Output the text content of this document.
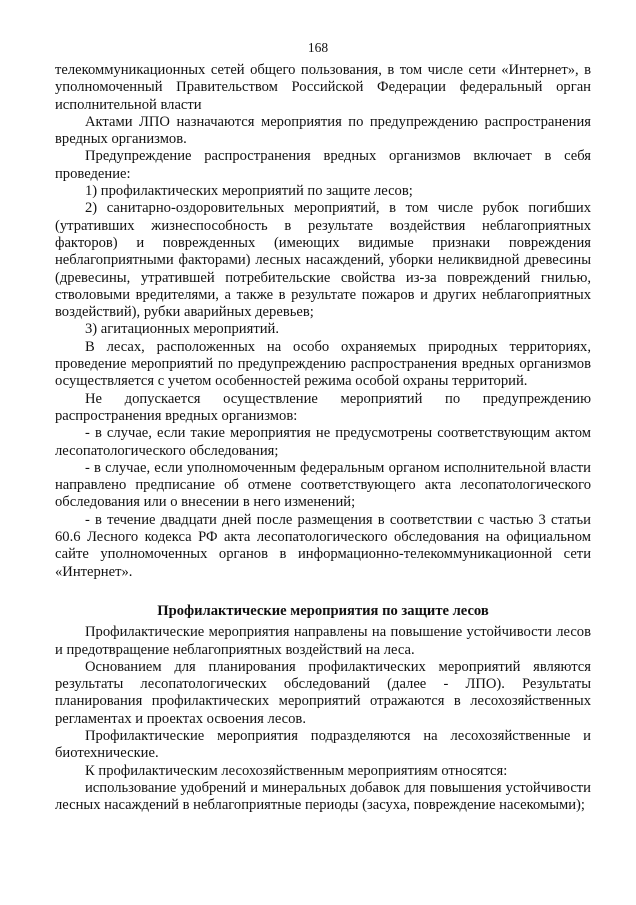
168

телекоммуникационных сетей общего пользования, в том числе сети «Интернет», в уполномоченный Правительством Российской Федерации федеральный орган исполнительной власти

Актами ЛПО назначаются мероприятия по предупреждению распространения вредных организмов.

Предупреждение распространения вредных организмов включает в себя проведение:

1) профилактических мероприятий по защите лесов;

2) санитарно-оздоровительных мероприятий, в том числе рубок погибших (утративших жизнеспособность в результате воздействия неблагоприятных факторов) и поврежденных (имеющих видимые признаки повреждения неблагоприятными факторами) лесных насаждений, уборки неликвидной древесины (древесины, утратившей потребительские свойства из-за повреждений гнилью, стволовыми вредителями, а также в результате пожаров и других неблагоприятных воздействий), рубки аварийных деревьев;

3) агитационных мероприятий.

В лесах, расположенных на особо охраняемых природных территориях, проведение мероприятий по предупреждению распространения вредных организмов осуществляется с учетом особенностей режима особой охраны территорий.

Не допускается осуществление мероприятий по предупреждению распространения вредных организмов:

- в случае, если такие мероприятия не предусмотрены соответствующим актом лесопатологического обследования;

- в случае, если уполномоченным федеральным органом исполнительной власти направлено предписание об отмене соответствующего акта лесопатологического обследования или о внесении в него изменений;

- в течение двадцати дней после размещения в соответствии с частью 3 статьи 60.6 Лесного кодекса РФ акта лесопатологического обследования на официальном сайте уполномоченных органов в информационно-телекоммуникационной сети «Интернет».

Профилактические мероприятия по защите лесов

Профилактические мероприятия направлены на повышение устойчивости лесов и предотвращение неблагоприятных воздействий на леса.

Основанием для планирования профилактических мероприятий являются результаты лесопатологических обследований (далее - ЛПО). Результаты планирования профилактических мероприятий отражаются в лесохозяйственных регламентах и проектах освоения лесов.

Профилактические мероприятия подразделяются на лесохозяйственные и биотехнические.

К профилактическим лесохозяйственным мероприятиям относятся:

использование удобрений и минеральных добавок для повышения устойчивости лесных насаждений в неблагоприятные периоды (засуха, повреждение насекомыми);
